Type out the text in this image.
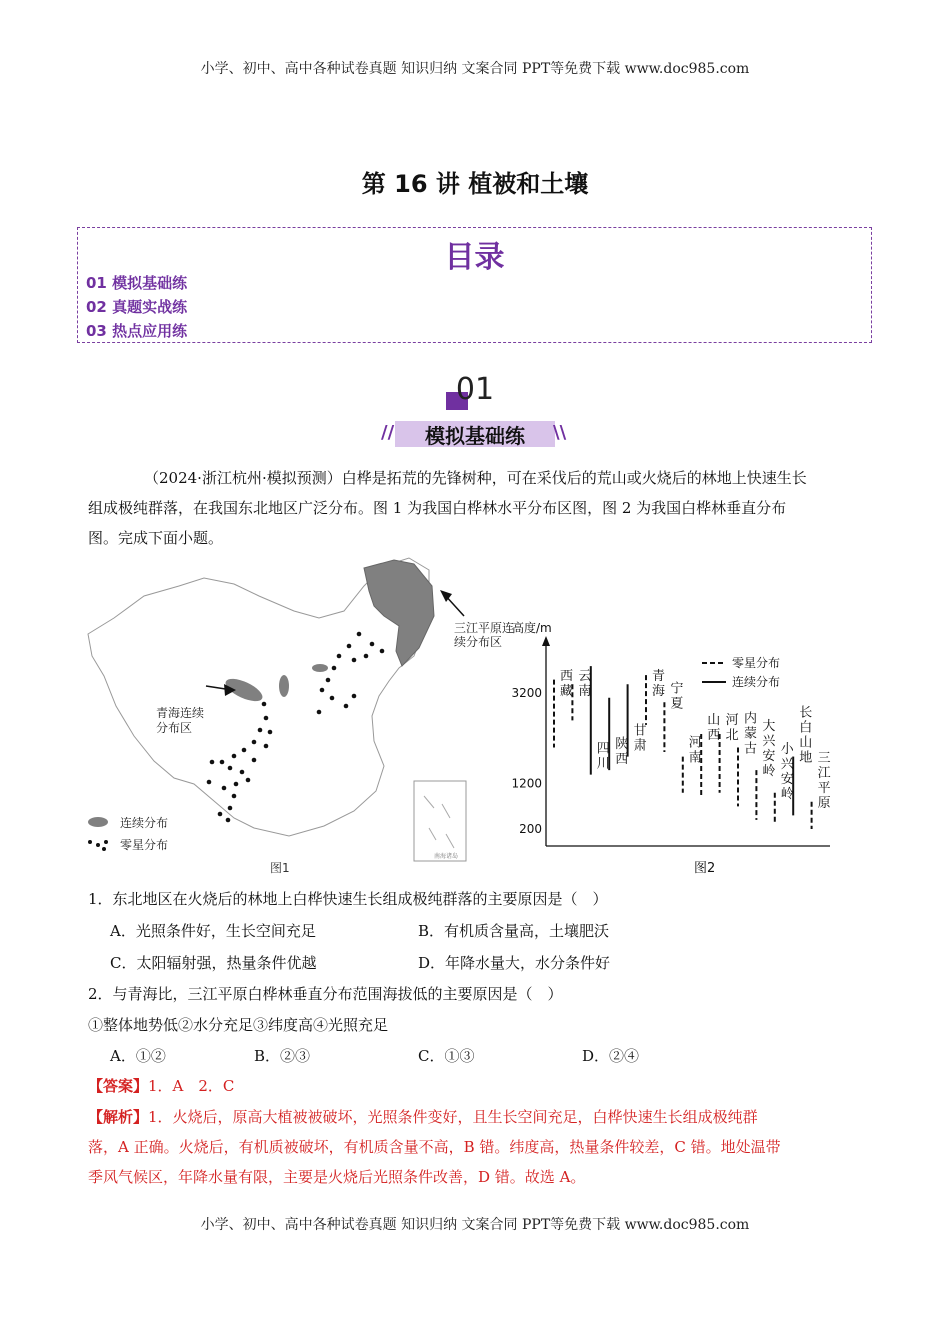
小学、初中、高中各种试卷真题 知识归纳 文案合同 PPT等免费下载 www.doc985.com
第 16 讲 植被和土壤
目录
01 模拟基础练
02 真题实战练
03 热点应用练
01
//	\\
模拟基础练
（2024·浙江杭州·模拟预测）白桦是拓荒的先锋树种，可在采伐后的荒山或火烧后的林地上快速生长
组成极纯群落，在我国东北地区广泛分布。图 1 为我国白桦林水平分布区图，图 2 为我国白桦林垂直分布
图。完成下面小题。
三江平原连
续分布区
青海连续
分布区
连续分布
零星分布
南海诸岛
图1
高度/m
零星分布
连续分布
200
1200
3200
西藏
云南
四川
陕西
甘肃
青海 宁夏
河南
山西
河北
内蒙古
大兴安岭
小兴安岭
长白山地 三江平原
图2
1．东北地区在火烧后的林地上白桦快速生长组成极纯群落的主要原因是（　）
A．光照条件好，生长空间充足	B．有机质含量高，土壤肥沃
C．太阳辐射强，热量条件优越	D．年降水量大，水分条件好
2．与青海比，三江平原白桦林垂直分布范围海拔低的主要原因是（　）
①整体地势低②水分充足③纬度高④光照充足
A．①②	B．②③	C．①③	D．②④
【答案】1．A　2．C
【解析】1．火烧后，原高大植被被破坏，光照条件变好，且生长空间充足，白桦快速生长组成极纯群
落，A 正确。火烧后，有机质被破坏，有机质含量不高，B 错。纬度高，热量条件较差，C 错。地处温带
季风气候区，年降水量有限，主要是火烧后光照条件改善，D 错。故选 A。
小学、初中、高中各种试卷真题 知识归纳 文案合同 PPT等免费下载 www.doc985.com
